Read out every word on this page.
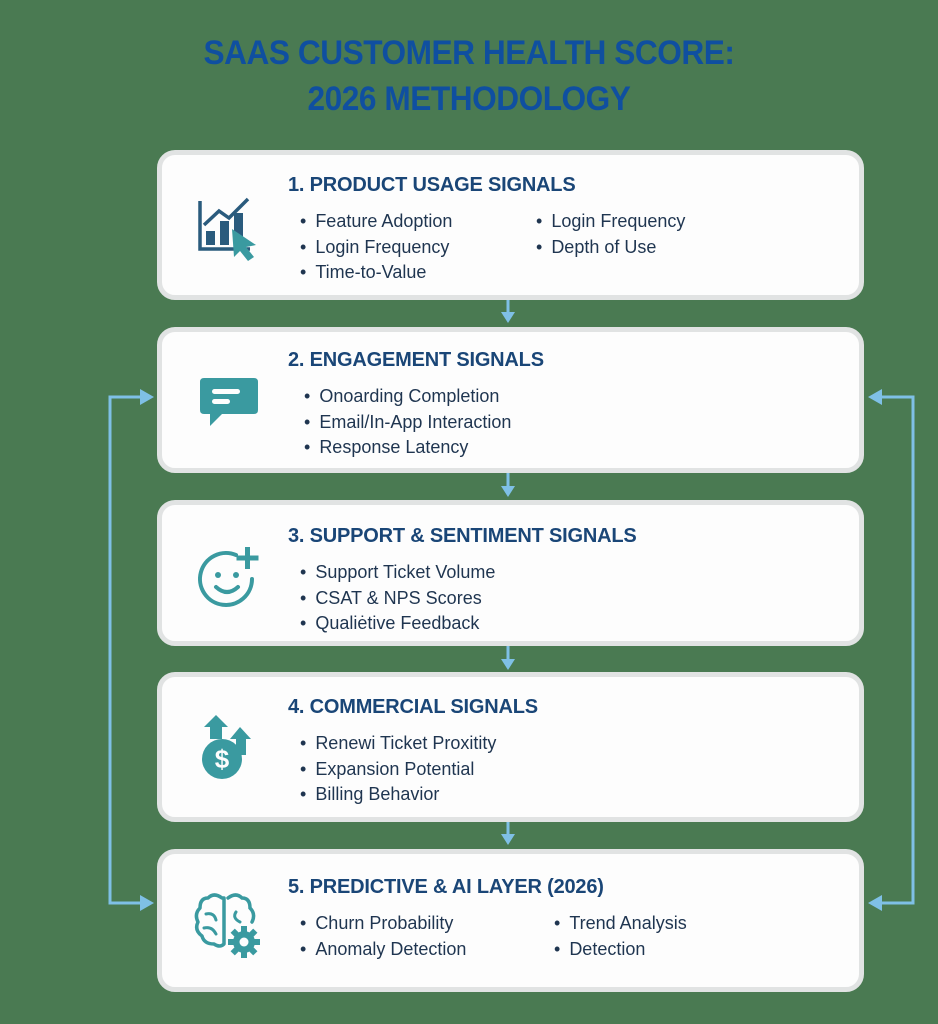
SAAS CUSTOMER HEALTH SCORE:
2026 METHODOLOGY
1. PRODUCT USAGE SIGNALS
• Feature Adoption
• Login Frequency
• Time-to-Value
• Login Frequency
• Depth of Use
2. ENGAGEMENT SIGNALS
• Onoarding Completion
• Email/In-App Interaction
• Response Latency
3. SUPPORT & SENTIMENT SIGNALS
• Support Ticket Volume
• CSAT & NPS Scores
• Qualiėtive Feedback
$
4. COMMERCIAL SIGNALS
• Renewi Ticket Proxitity
• Expansion Potential
• Billing Behavior
5. PREDICTIVE & AI LAYER (2026)
• Churn Probability
• Anomaly Detection
• Trend Analysis
• Detection
